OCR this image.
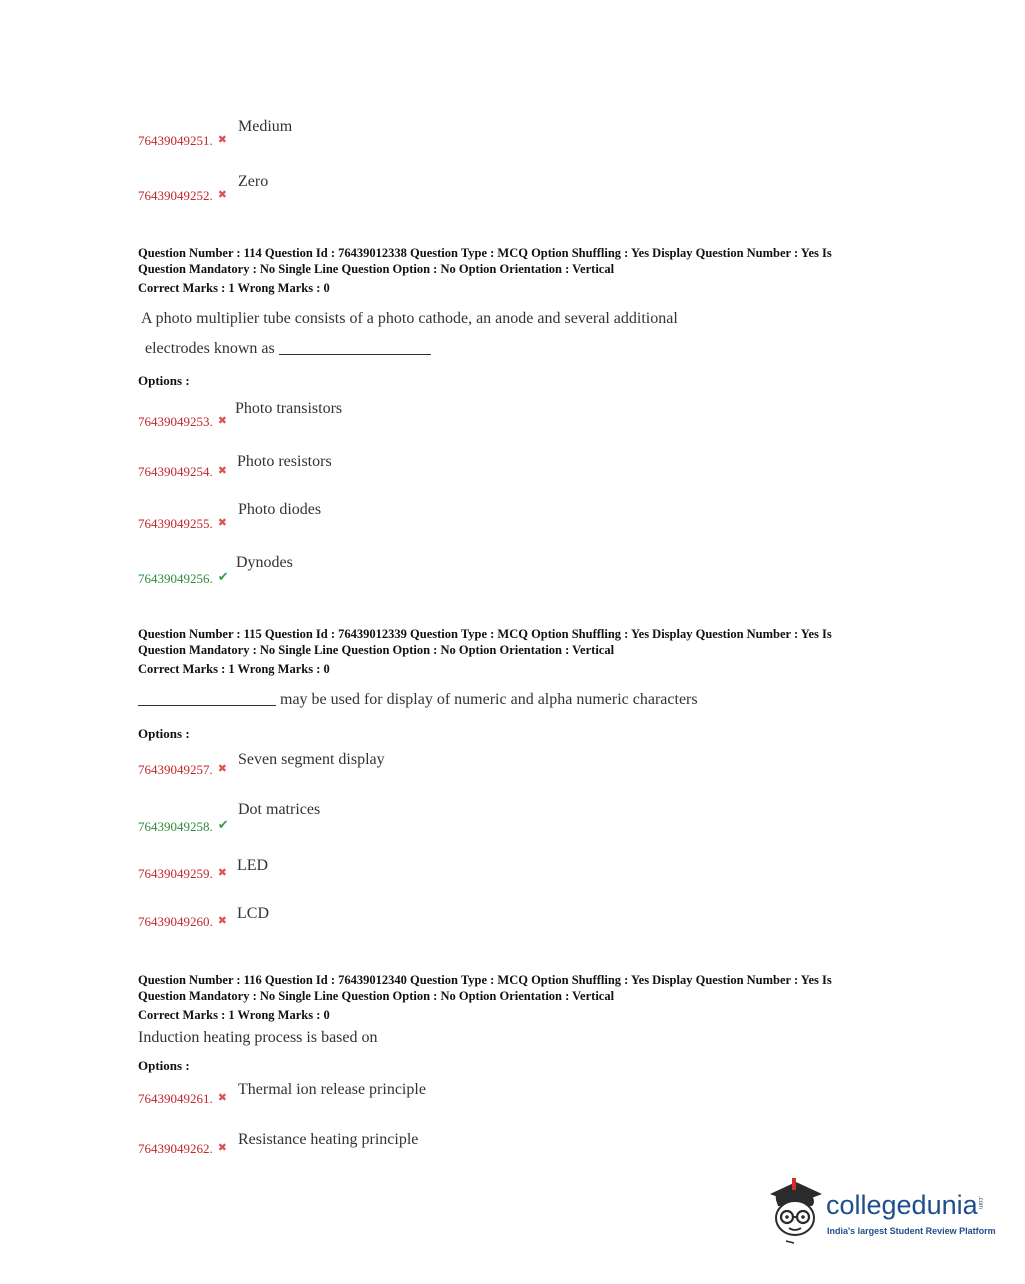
Medium
76439049251. ✖
Zero
76439049252. ✖
Question Number : 114 Question Id : 76439012338 Question Type : MCQ Option Shuffling : Yes Display Question Number : Yes Is
Question Mandatory : No Single Line Question Option : No Option Orientation : Vertical
Correct Marks : 1 Wrong Marks : 0
A photo multiplier tube consists of a photo cathode, an anode and several additional
electrodes known as
Options :
Photo transistors
76439049253. ✖
Photo resistors
76439049254. ✖
Photo diodes
76439049255. ✖
Dynodes
76439049256. ✔
Question Number : 115 Question Id : 76439012339 Question Type : MCQ Option Shuffling : Yes Display Question Number : Yes Is
Question Mandatory : No Single Line Question Option : No Option Orientation : Vertical
Correct Marks : 1 Wrong Marks : 0
may be used for display of numeric and alpha numeric characters
Options :
Seven segment display
76439049257. ✖
Dot matrices
76439049258. ✔
LED
76439049259. ✖
LCD
76439049260. ✖
Question Number : 116 Question Id : 76439012340 Question Type : MCQ Option Shuffling : Yes Display Question Number : Yes Is
Question Mandatory : No Single Line Question Option : No Option Orientation : Vertical
Correct Marks : 1 Wrong Marks : 0
Induction heating process is based on
Options :
Thermal ion release principle
76439049261. ✖
Resistance heating principle
76439049262. ✖
collegedunia .com
India's largest Student Review Platform
